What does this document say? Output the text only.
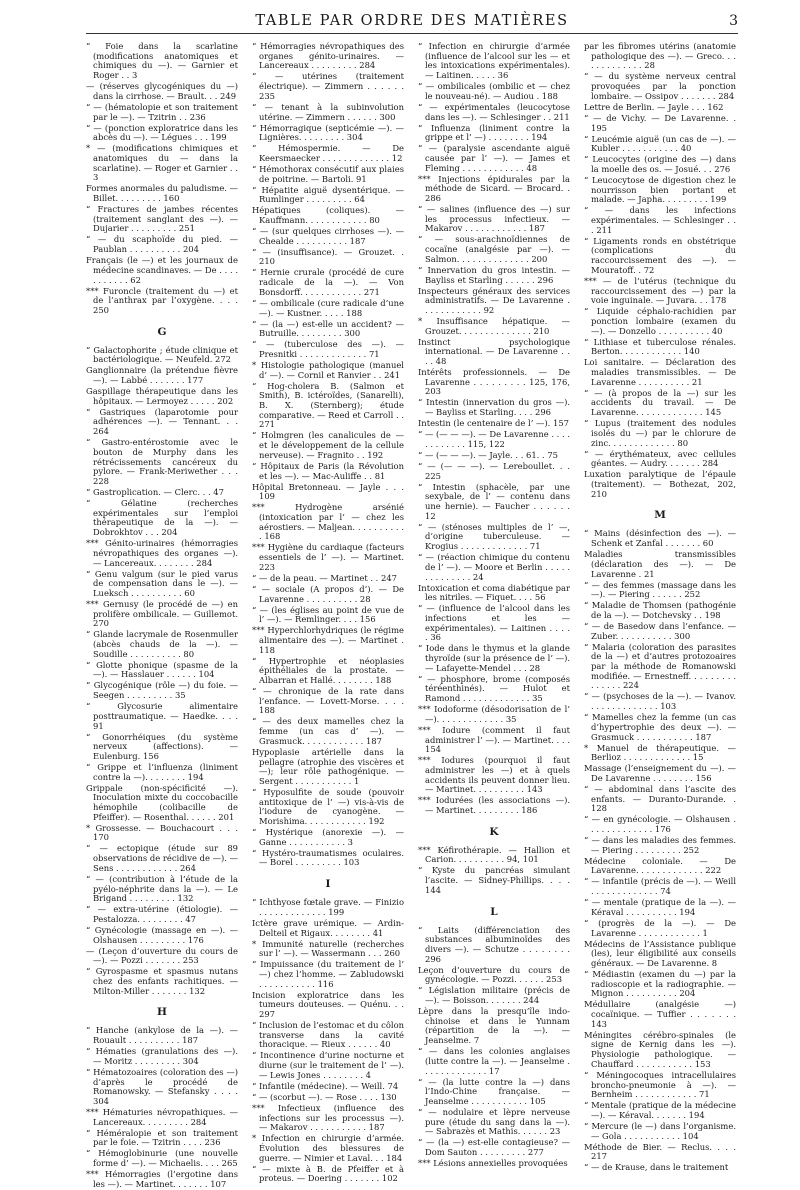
TABLE PAR ORDRE DES MATIÈRES	3
“ Foie dans la scarlatine (modifications anatomiques et chimiques du —). — Garnier et Roger . . 3
— (réserves glycogéniques du —) dans la cirrhose. — Brault. . . 249
“ — (hématolopie et son traitement par le —). — Tzitrin . . 236
“ — (ponction exploratrice dans les abcès du —). — Légues . . . 199
* — (modifications chimiques et anatomiques du — dans la scarlatine). — Roger et Garnier . . 3
Formes anormales du paludisme. — Billet. . . . . . . . . 160
“ Fractures de jambes récentes (traitement sanglant des —). — Dujarier . . . . . . . . . 251
“ — du scaphoïde du pied. — Paublan . . . . . . . . . . 204
Français (le —) et les journaux de médecine scandinaves. — De . . . . . . . . . . . 62
*** Furoncle (traitement du —) et de l’anthrax par l’oxygène. . . . 250
G
“ Galactophorite ; étude clinique et bactériologique. — Neufeld. 272
Ganglionnaire (la prétendue fièvre —). — Labbé . . . . . . . 177
Gaspillage thérapeutique dans les hôpitaux. — Lermoyez . . . . . 202
“ Gastriques (laparotomie pour adhérences —). — Tennant. . . 264
“ Gastro-entérostomie avec le bouton de Murphy dans les rétrécissements cancéreux du pylore. — Frank-Meriwether . . . 228
“ Gastroplication. — Clerc. . . 47
“ Gélatine (recherches expérimentales sur l’emploi thérapeutique de la —). — Dobrokhtov . . . 204
*** Génito-urinaires (hémorragies névropathiques des organes —). — Lancereaux. . . . . . . . 284
“ Genu valgum (sur le pied varus de compensation dans le —). — Lueksch . . . . . . . . . . 60
*** Gernusy (le procédé de —) en prolifère ombilicale. — Guillemot. 270
“ Glande lacrymale de Rosenmuller (abcès chauds de la —). — Soudille . . . . . . . . . . 80
“ Glotte phonique (spasme de la —). — Hasslauer . . . . . . 104
“ Glycogénique (rôle —) du foie. — Seegen . . . . . . . . . 35
“ Glycosurie alimentaire posttraumatique. — Haedke. . . . 91
“ Gonorrhéiques (du système nerveux (affections). — Eulenburg. 156
“ Grippe et l’influenza (liniment contre la —). . . . . . . . 194
Grippale (non-spécificité —). Inoculation mixte du coccobacille hémophile (colibacille de Pfeiffer). — Rosenthal. . . . . . 201
* Grossesse. — Bouchacourt . . . 170
“ — ectopique (étude sur 89 observations de récidive de —). — Sens . . . . . . . . . . . . 264
“ — (contribution à l’étude de la pyélo-néphrite dans la —). — Le Brigand . . . . . . . . . 132
“ — extra-utérine (étiologie). — Pestalozza. . . . . . . . . 47
“ Gynécologie (massage en —). — Olshausen . . . . . . . . . 176
— (Leçon d’ouverture du cours de —). — Pozzi . . . . . . . 253
“ Gyrospasme et spasmus nutans chez des enfants rachitiques. — Milton-Miller . . . . . . . 132
H
“ Hanche (ankylose de la —). — Rouault . . . . . . . . . . 187
“ Hématies (granulations des —). — Moritz . . . . . . . . . 304
“ Hématozoaires (coloration des —) d’après le procédé de Romanowsky. — Stefansky . . . . 304
*** Hématuries névropathiques. — Lancereaux. . . . . . . . . 284
“ Héméralopie et son traitement par le foie. — Tzitrin . . . . 236
“ Hémoglobinurie (une nouvelle forme d’ —). — Michaelis. . . . 265
*** Hémorragies (l’ergotine dans les —). — Martinet. . . . . . . 107
“ Hémorragies névropathiques des organes génito-urinaires. — Lancereaux . . . . . . . . . 284
“ — utérines (traitement électrique). — Zimmern . . . . . . 235
“ — tenant à la subinvolution utérine. — Zimmern . . . . . . 300
“ Hémorragique (septicémie —). — Lignières. . . . . . . . . 304
“ Hémospermie. — De Keersmaecker . . . . . . . . . . . . . 12
“ Hémothorax consécutif aux plaies de poitrine. — Bartoli. 91
“ Hépatite aiguë dysentérique. — Rumlinger . . . . . . . . . 64
Hépatiques (coliques). — Kauffmann. . . . . . . . . . . . 80
“ — (sur quelques cirrhoses —). — Chealde . . . . . . . . . . 187
“ — (insuffisance). — Grouzet. . 210
“ Hernie crurale (procédé de cure radicale de la —). — Von Bonsdorff. . . . . . . . . . . . 271
“ — ombilicale (cure radicale d’une —). — Kustner. . . . . 188
“ — (la —) est-elle un accident? — Butruille. . . . . . . . . 300
“ — (tuberculose des —). — Presnitki . . . . . . . . . . . . . 71
* Histologie pathologique (manuel d’ —). — Cornil et Ranvier . . 241
“ Hog-cholera B. (Salmon et Smith), B. ictéroïdes, (Sanarelli), B. X. (Sternberg); étude comparative. — Reed et Carroll . . 271
“ Holmgren (les canalicules de — et le développement de la cellule nerveuse). — Fragnito . . 192
“ Hôpitaux de Paris (la Révolution et les —). — Mac-Auliffe . . 81
Hôpital Bretonneau. — Jayle . . . 109
*** Hydrogène arsénié (intoxication par l’ — chez les aérostiers. — Maljean. . . . . . . . . . . 168
*** Hygiène du cardiaque (facteurs essentiels de l’ —). — Martinet. 223
“ — de la peau. — Martinet . . 247
“ — sociale (A propos d’). — De Lavarenne . . . . . . . . . . 28
“ — (les églises au point de vue de l’ —). — Remlinger. . . . 156
*** Hyperchlorhydriques (le régime alimentaire des —). — Martinet . 118
“ Hypertrophie et néoplasies épithéliales de la prostate. — Albarran et Hallé. . . . . . . . 188
“ — chronique de la rate dans l’enfance. — Lovett-Morse. . . . 188
“ — des deux mamelles chez la femme (un cas d’ —). — Grasmuck. . . . . . . . . . . . 187
Hypoplasie artérielle dans la pellagre (atrophie des viscères et —); leur rôle pathogénique. — Sergent . . . . . . . . . . . 1
“ Hyposulfite de soude (pouvoir antitoxique de l’ —) vis-à-vis de l’iodure de cyanogène. — Morishima. . . . . . . . . . . . 192
“ Hystérique (anorexie —). — Ganne . . . . . . . . . . . 3
“ Hystéro-traumatismes oculaires. — Borel . . . . . . . . . 103
I
“ Ichthyose fœtale grave. — Finizio . . . . . . . . . . . . . 199
Ictère grave urémique. — Ardin-Delteil et Rigaux. . . . . . . . 41
* Immunité naturelle (recherches sur l’ —). — Wassermann . . . 260
“ Impuissance (du traitement de l’ —) chez l’homme. — Zabludowski . . . . . . . . . . . 116
Incision exploratrice dans les tumeurs douteuses. — Quénu. . . 297
“ Inclusion de l’estomac et du côlon transverse dans la cavité thoracique. — Rieux . . . . . . 40
“ Incontinence d’urine nocturne et diurne (sur le traitement de l’ —). — Lewis Jones . . . . . . . . 4
“ Infantile (médecine). — Weill. 74
“ — (scorbut —). — Rose . . . . 130
*** Infectieux (influence des infections sur les processus —). — Makarov . . . . . . . . . . . 187
* Infection en chirurgie d’armée. Évolution des blessures de guerre. — Nimier et Laval. . . 184
“ — mixte à B. de Pfeiffer et à proteus. — Doering . . . . . . . 102
“ Infection en chirurgie d’armée (influence de l’alcool sur les — et les intoxications expérimentales). — Laitinen. . . . . 36
“ — ombilicales (ombilic et — chez le nouveau-né). — Audiou . 188
“ — expérimentales (leucocytose dans les —). — Schlesinger . . 211
“ Influenza (liniment contre la grippe et l’ —) . . . . . . . . 194
“ — (paralysie ascendante aiguë causée par l’ —). — James et Fleming . . . . . . . . . . . . 48
*** Injections épidurales par la méthode de Sicard. — Brocard. . 286
“ — salines (influence des —) sur les processus infectieux. — Makarov . . . . . . . . . . . . 187
“ — sous-arachnoïdiennes de cocaïne (analgésie par —). — Salmon. . . . . . . . . . . . . . 200
“ Innervation du gros intestin. — Bayliss et Starling . . . . . . 296
Inspecteurs généraux des services administratifs. — De Lavarenne . . . . . . . . . . . . 92
* Insuffisance hépatique. — Grouzet. . . . . . . . . . . . . . 210
Instinct psychologique international. — De Lavarenne . . . . 48
Intérêts professionnels. — De Lavarenne . . . . . . . . . 125, 176, 203
“ Intestin (innervation du gros —). — Bayliss et Starling. . . . 296
Intestin (le centenaire de l’ —). 157
“ — (— — —). — De Lavarenne . . . . . . . . . . . . 115, 122
“ — (— — —). — Jayle. . . 61. . 75
“ — (— — —). — Lereboullet. . . 225
“ Intestin (sphacèle, par une sexybale, de l’ — contenu dans une hernie). — Faucher . . . . . . 12
“ — (sténoses multiples de l’ —, d’origine tuberculeuse. — Krogius . . . . . . . . . . . . . 71
“ — (réaction chimique du contenu de l’ —). — Moore et Berlin . . . . . . . . . . . . . . 24
Intoxication et coma diabétique par les nitriles. — Fiquet. . . . 56
“ — (influence de l’alcool dans les infections et les — expérimentales). — Laitinen . . . . . 36
“ Iode dans le thymus et la glande thyroïde (sur la présence de l’ —). — Lafayette-Mendel . . . 28
“ — phosphore, brome (composés téréenthinés). — Hulot et Ramond . . . . . . . . . . . . . 35
*** Iodoforme (désodorisation de l’ —). . . . . . . . . . . . . 35
*** Iodure (comment il faut administrer l’ —). — Martinet. . . . 154
*** Iodures (pourquoi il faut administrer les —) et à quels accidents ils peuvent donner lieu. — Martinet. . . . . . . . . . 143
*** Iodurées (les associations —). — Martinet. . . . . . . . . 186
K
*** Kéfirothérapie. — Hallion et Carion. . . . . . . . . . 94, 101
“ Kyste du pancréas simulant l’ascite. — Sidney-Phillips. . . . 144
L
“ Laits (différenciation des substances albuminoïdes des divers —). — Schutze . . . . . . . . 296
Leçon d’ouverture du cours de gynécologie. — Pozzi. . . . . . 253
“ Législation militaire (précis de —). — Boisson. . . . . . . 244
Lèpre dans la presqu’île indo-chinoise et dans le Yunnam (répartition de la —). — Jeanselme. 7
“ — dans les colonies anglaises (lutte contre la —). — Jeanselme . . . . . . . . . . . . . 17
“ — (la lutte contre la —) dans l’Indo-Chine française. — Jeanselme . . . . . . . . . . . 105
“ — nodulaire et lèpre nerveuse pure (étude du sang dans la —). — Sabrazès et Mathis. . . . . . 23
“ — (la —) est-elle contagieuse? — Dom Sauton . . . . . . . . . 277
*** Lésions annexielles provoquées
par les fibromes utérins (anatomie pathologique des —). — Greco. . . . . . . . . . . . . 28
“ — du système nerveux central provoquées par la ponction lombaire. — Ossipov . . . . . . . 284
Lettre de Berlin. — Jayle . . . 162
“ — de Vichy. — De Lavarenne. . 195
“ Leucémie aiguë (un cas de —). — Kubler . . . . . . . . . . . 40
“ Leucocytes (origine des —) dans la moelle des os. — Josué. . . 276
“ Leucocytose de digestion chez le nourrisson bien portant et malade. — Japha. . . . . . . . . 199
“ — dans les infections expérimentales. — Schlesinger . . . 211
“ Ligaments ronds en obstétrique (complications du raccourcissement des —). — Mouratoff. . 72
*** — de l’utérus (technique du raccourcissement des —) par la voie inguinale. — Juvara. . . 178
“ Liquide céphalo-rachidien par ponction lombaire (examen du —). — Donzello . . . . . . . . . . 40
“ Lithiase et tuberculose rénales. Berton. . . . . . . . . . . . 140
Loi sanitaire. — Déclaration des maladies transmissibles. — De Lavarenne . . . . . . . . . . 21
“ — (à propos de la —) sur les accidents du travail. — De Lavarenne. . . . . . . . . . . . . 145
“ Lupus (traitement des nodules isolés du —) par le chlorure de zinc. . . . . . . . . . . . . 80
“ — érythémateux, avec cellules géantes. — Audry. . . . . . . 284
Luxation paralytique de l’épaule (traitement). — Bothezat, 202, 210
M
“ Mains (désinfection des —). — Schenk et Zanfal . . . . . . . 60
Maladies transmissibles (déclaration des —). — De Lavarenne . 21
“ — des femmes (massage dans les —). — Piering . . . . . . 252
“ Maladie de Thomsen (pathogénie de la —). — Dotchevsky . . 198
“ — de Basedow dans l’enfance. — Zuber. . . . . . . . . . . 300
“ Malaria (coloration des parasites de la —) et d’autres protozoaires par la méthode de Romanowski modifiée. — Ernestneff. . . . . . . . . . . . . . . 224
“ — (psychoses de la —). — Ivanov. . . . . . . . . . . . . . 103
“ Mamelles chez la femme (un cas d’hypertrophie des deux —). — Grasmuck . . . . . . . . . . . 187
* Manuel de thérapeutique. — Berlioz . . . . . . . . . . . . . 15
Massage (l’enseignement du —). — De Lavarenne . . . . . . . . 156
“ — abdominal dans l’ascite des enfants. — Duranto-Durande. . 128
“ — en gynécologie. — Olshausen . . . . . . . . . . . . . 176
“ — dans les maladies des femmes. — Piering . . . . . . . . . 252
Médecine coloniale. — De Lavarenne. . . . . . . . . . . . . 222
“ — infantile (précis de —). — Weill . . . . . . . . . . . . . 74
“ — mentale (pratique de la —). — Kéraval . . . . . . . . . . 194
“ (progrès de la —). — De Lavarenne . . . . . . . . . . . . 1
Médecins de l’Assistance publique (les), leur éligibilité aux conseils généraux. — De Lavarenne. 8
“ Médiastin (examen du —) par la radioscopie et la radiographie. — Mignon . . . . . . . . . . 204
Médullaire (analgésie —) cocaïnique. — Tuffier . . . . . . . 143
Méningites cérébro-spinales (le signe de Kernig dans les —). Physiologie pathologique. — Chauffard . . . . . . . . . . . 153
“ Méningocoques intracellulaires broncho-pneumonie à —). — Bernheim . . . . . . . . . . . . 71
“ Mentale (pratique de la médecine —). — Kéraval. . . . . . . 194
“ Mercure (le —) dans l’organisme. — Gola . . . . . . . . . . . 104
Méthode de Bier. — Reclus. . . . 217
“ — de Krause, dans le traitement
